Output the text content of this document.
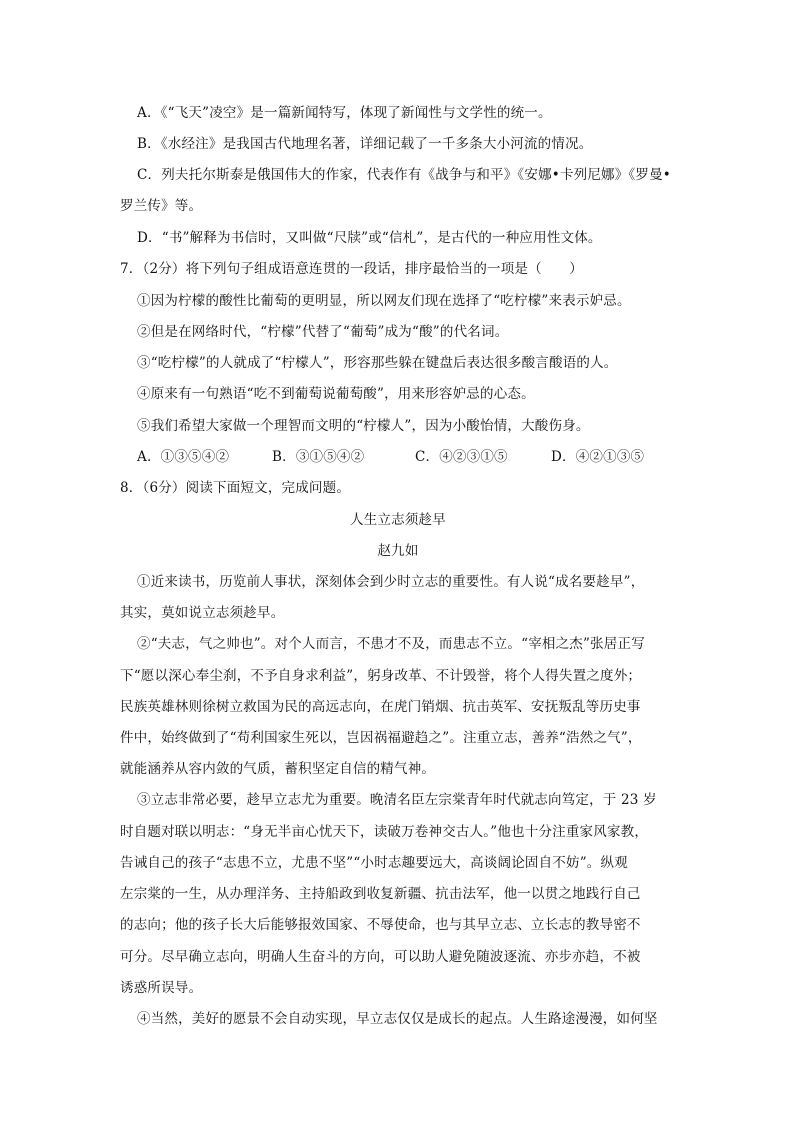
A．《“飞天”凌空》是一篇新闻特写，体现了新闻性与文学性的统一。
B．《水经注》是我国古代地理名著，详细记载了一千多条大小河流的情况。
C．列夫托尔斯泰是俄国伟大的作家，代表作有《战争与和平》《安娜•卡列尼娜》《罗曼•
罗兰传》等。
D．“书”解释为书信时，又叫做“尺牍”或“信札”，是古代的一种应用性文体。
7．（2分）将下列句子组成语意连贯的一段话，排序最恰当的一项是（　　）
①因为柠檬的酸性比葡萄的更明显，所以网友们现在选择了“吃柠檬”来表示妒忌。
②但是在网络时代，“柠檬”代替了“葡萄”成为“酸”的代名词。
③“吃柠檬”的人就成了“柠檬人”，形容那些躲在键盘后表达很多酸言酸语的人。
④原来有一句熟语“吃不到葡萄说葡萄酸”，用来形容妒忌的心态。
⑤我们希望大家做一个理智而文明的“柠檬人”，因为小酸怡情，大酸伤身。
A．①③⑤④②	B．③①⑤④②	C．④②③①⑤	D．④②①③⑤
8．（6分）阅读下面短文，完成问题。
人生立志须趁早
赵九如
①近来读书，历览前人事状，深刻体会到少时立志的重要性。有人说“成名要趁早”，
其实，莫如说立志须趁早。
②“夫志，气之帅也”。对个人而言，不患才不及，而患志不立。“宰相之杰”张居正写
下“愿以深心奉尘刹，不予自身求利益”，躬身改革、不计毁誉，将个人得失置之度外；
民族英雄林则徐树立救国为民的高远志向，在虎门销烟、抗击英军、安抚叛乱等历史事
件中，始终做到了“苟利国家生死以，岂因祸福避趋之”。注重立志，善养“浩然之气”，
就能涵养从容内敛的气质，蓄积坚定自信的精气神。
③立志非常必要，趁早立志尤为重要。晚清名臣左宗棠青年时代就志向笃定，于 23 岁
时自题对联以明志：“身无半亩心忧天下，读破万卷神交古人。”他也十分注重家风家教，
告诫自己的孩子“志患不立，尤患不坚”“小时志趣要远大，高谈阔论固自不妨”。纵观
左宗棠的一生，从办理洋务、主持船政到收复新疆、抗击法军，他一以贯之地践行自己
的志向；他的孩子长大后能够报效国家、不辱使命，也与其早立志、立长志的教导密不
可分。尽早确立志向，明确人生奋斗的方向，可以助人避免随波逐流、亦步亦趋，不被
诱惑所误导。
④当然，美好的愿景不会自动实现，早立志仅仅是成长的起点。人生路途漫漫，如何坚
